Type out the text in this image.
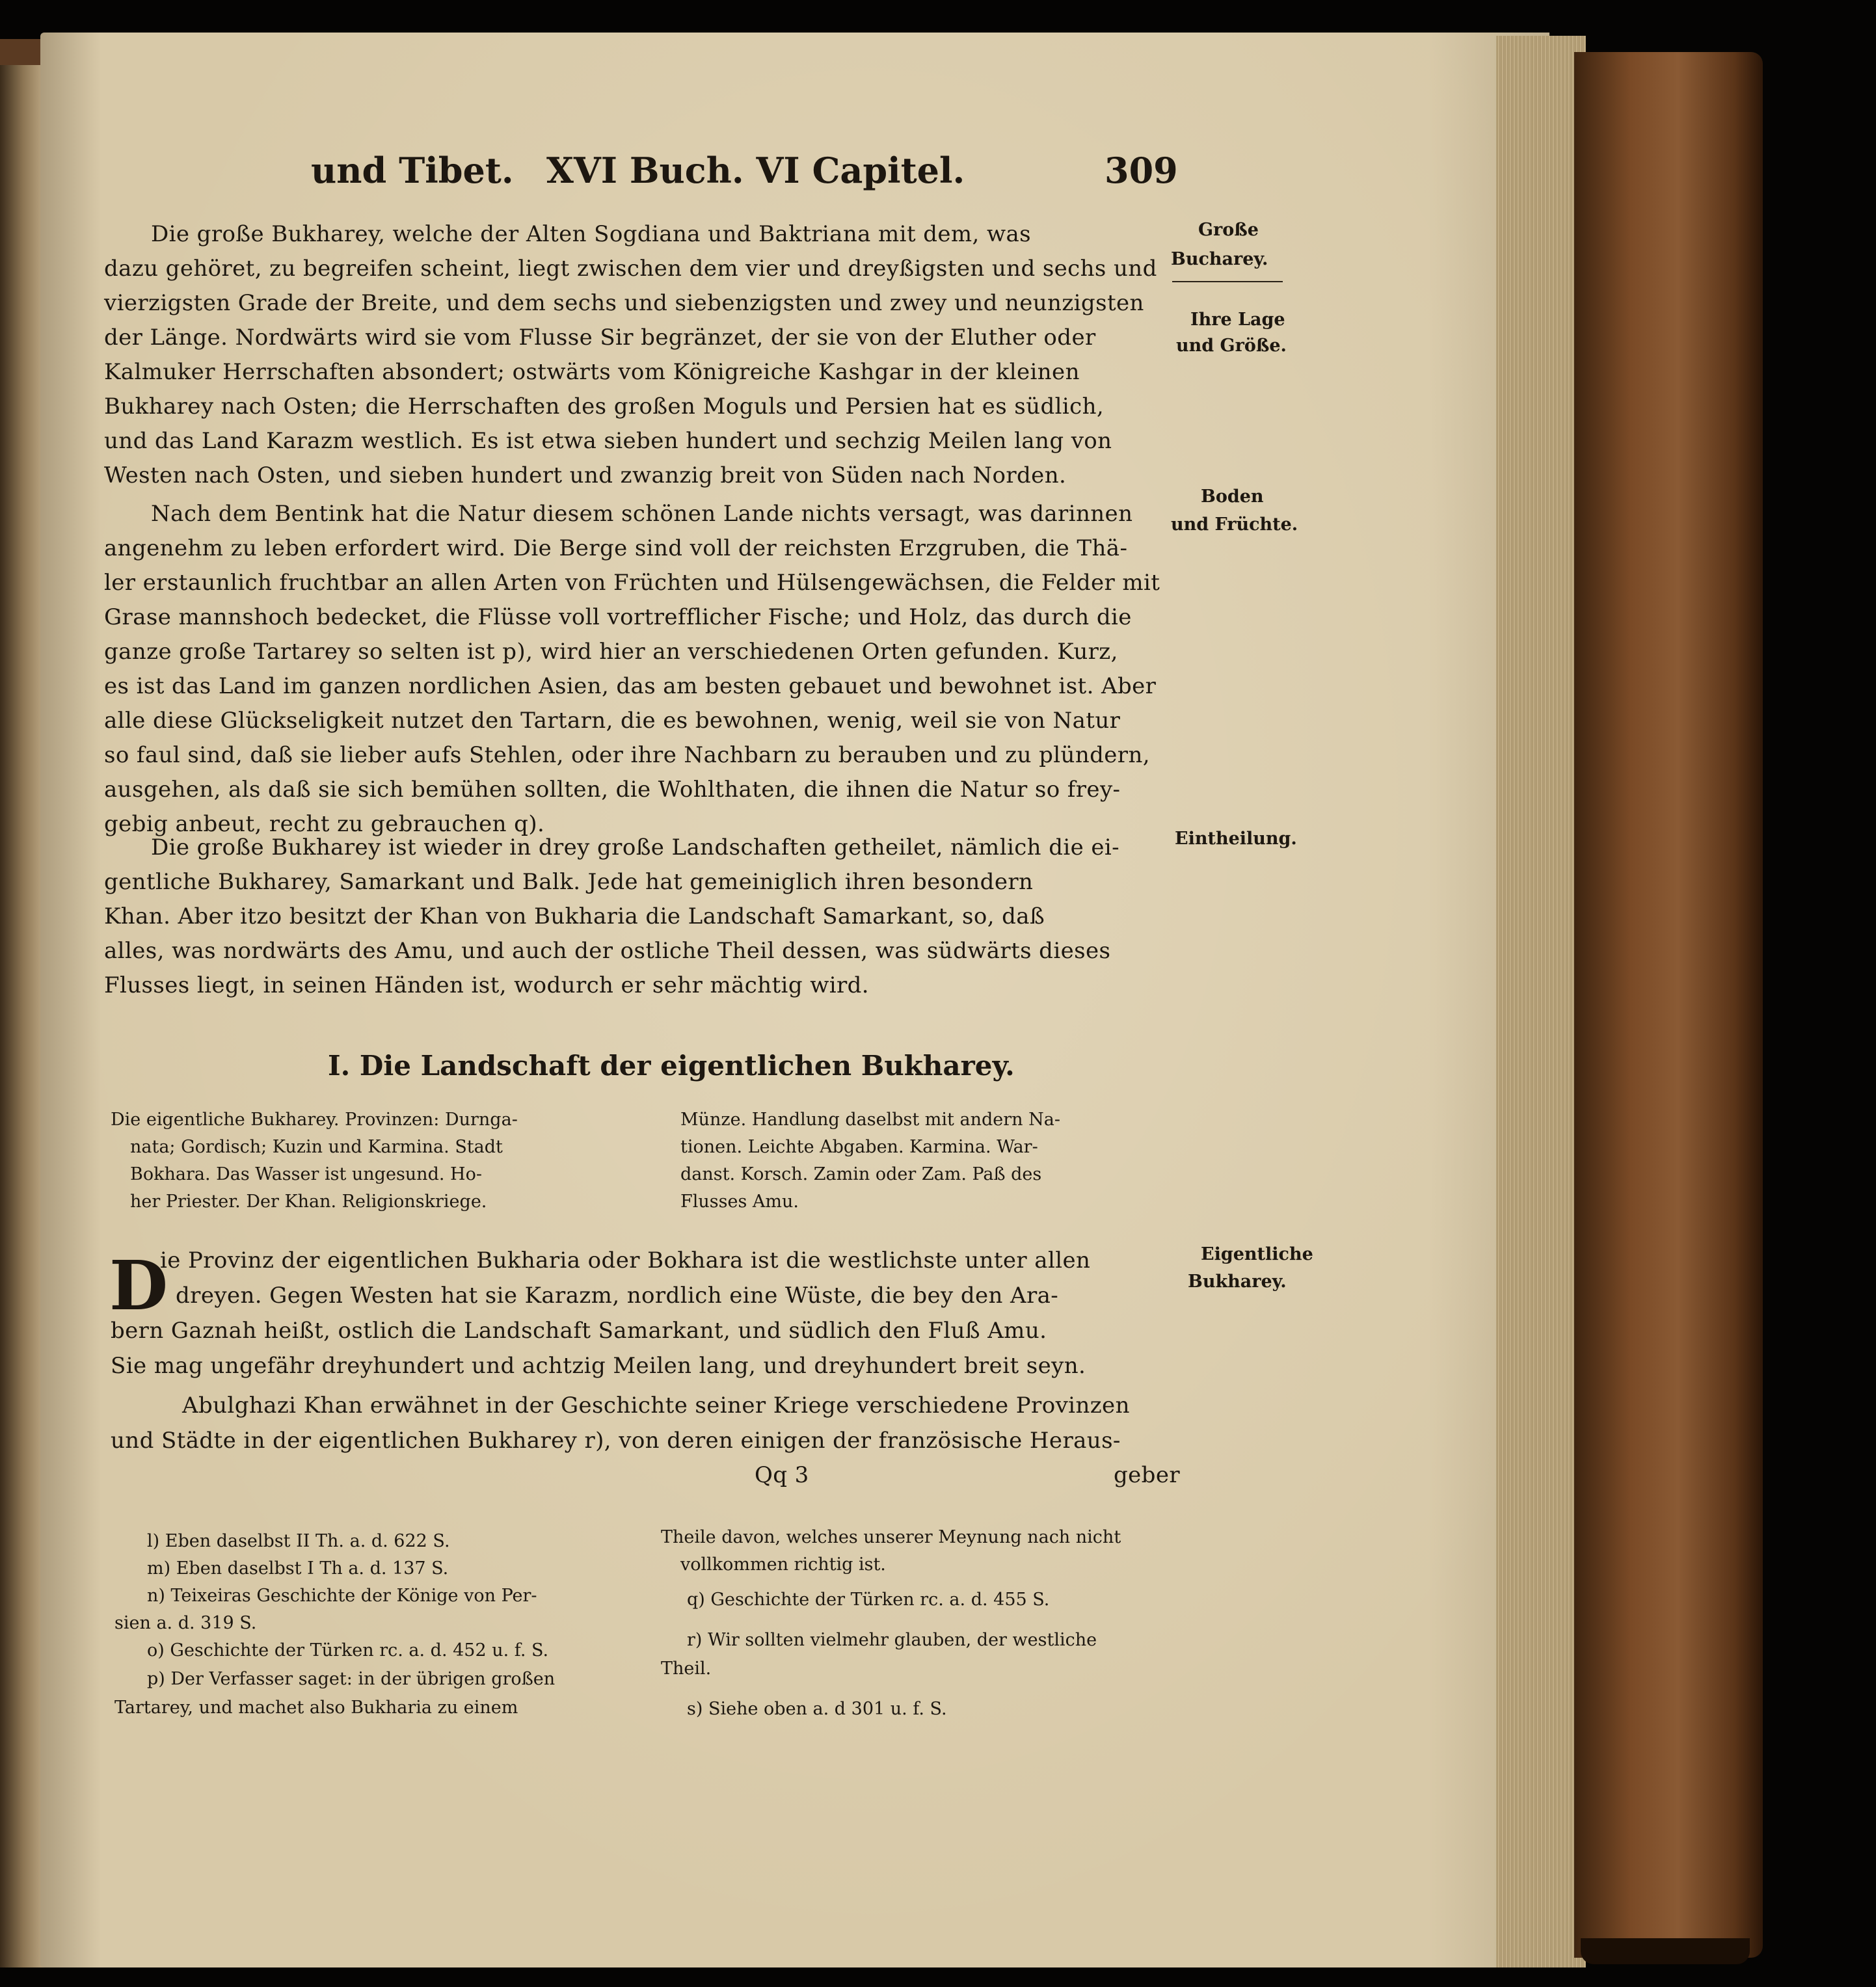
und Tibet. XVI Buch. VI Capitel.	309
Die große Bukharey, welche der Alten Sogdiana und Baktriana mit dem, was
dazu gehöret, zu begreifen scheint, liegt zwischen dem vier und dreyßigsten und sechs und
vierzigsten Grade der Breite, und dem sechs und siebenzigsten und zwey und neunzigsten
der Länge. Nordwärts wird sie vom Flusse Sir begränzet, der sie von der Eluther oder
Kalmuker Herrschaften absondert; ostwärts vom Königreiche Kashgar in der kleinen
Bukharey nach Osten; die Herrschaften des großen Moguls und Persien hat es südlich,
und das Land Karazm westlich. Es ist etwa sieben hundert und sechzig Meilen lang von
Westen nach Osten, und sieben hundert und zwanzig breit von Süden nach Norden.
Nach dem Bentink hat die Natur diesem schönen Lande nichts versagt, was darinnen
angenehm zu leben erfordert wird. Die Berge sind voll der reichsten Erzgruben, die Thä-
ler erstaunlich fruchtbar an allen Arten von Früchten und Hülsengewächsen, die Felder mit
Grase mannshoch bedecket, die Flüsse voll vortrefflicher Fische; und Holz, das durch die
ganze große Tartarey so selten ist p), wird hier an verschiedenen Orten gefunden. Kurz,
es ist das Land im ganzen nordlichen Asien, das am besten gebauet und bewohnet ist. Aber
alle diese Glückseligkeit nutzet den Tartarn, die es bewohnen, wenig, weil sie von Natur
so faul sind, daß sie lieber aufs Stehlen, oder ihre Nachbarn zu berauben und zu plündern,
ausgehen, als daß sie sich bemühen sollten, die Wohlthaten, die ihnen die Natur so frey-
gebig anbeut, recht zu gebrauchen q).
Die große Bukharey ist wieder in drey große Landschaften getheilet, nämlich die ei-
gentliche Bukharey, Samarkant und Balk. Jede hat gemeiniglich ihren besondern
Khan. Aber itzo besitzt der Khan von Bukharia die Landschaft Samarkant, so, daß
alles, was nordwärts des Amu, und auch der ostliche Theil dessen, was südwärts dieses
Flusses liegt, in seinen Händen ist, wodurch er sehr mächtig wird.
Große
Bucharey.
Ihre Lage
und Größe.
Boden
und Früchte.
Eintheilung.
Eigentliche
Bukharey.
I. Die Landschaft der eigentlichen Bukharey.
Die eigentliche Bukharey. Provinzen: Durnga-
nata; Gordisch; Kuzin und Karmina. Stadt
Bokhara. Das Wasser ist ungesund. Ho-
her Priester. Der Khan. Religionskriege.
Münze. Handlung daselbst mit andern Na-
tionen. Leichte Abgaben. Karmina. War-
danst. Korsch. Zamin oder Zam. Paß des
Flusses Amu.
D
ie Provinz der eigentlichen Bukharia oder Bokhara ist die westlichste unter allen
dreyen. Gegen Westen hat sie Karazm, nordlich eine Wüste, die bey den Ara-
bern Gaznah heißt, ostlich die Landschaft Samarkant, und südlich den Fluß Amu.
Sie mag ungefähr dreyhundert und achtzig Meilen lang, und dreyhundert breit seyn.
Abulghazi Khan erwähnet in der Geschichte seiner Kriege verschiedene Provinzen
und Städte in der eigentlichen Bukharey r), von deren einigen der französische Heraus-
Qq 3	geber
l) Eben daselbst II Th. a. d. 622 S.
m) Eben daselbst I Th a. d. 137 S.
n) Teixeiras Geschichte der Könige von Per-
sien a. d. 319 S.
o) Geschichte der Türken rc. a. d. 452 u. f. S.
p) Der Verfasser saget: in der übrigen großen
Tartarey, und machet also Bukharia zu einem
Theile davon, welches unserer Meynung nach nicht
vollkommen richtig ist.
q) Geschichte der Türken rc. a. d. 455 S.
r) Wir sollten vielmehr glauben, der westliche
Theil.
s) Siehe oben a. d 301 u. f. S.
